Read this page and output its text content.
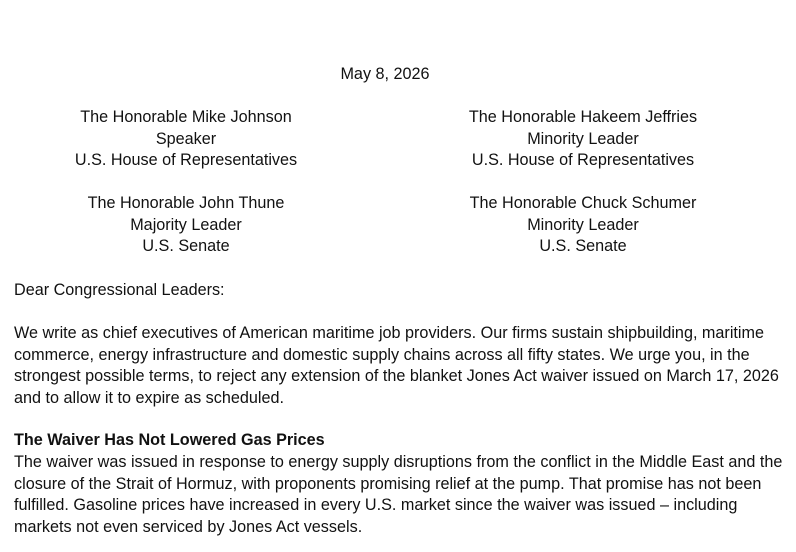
May 8, 2026
The Honorable Mike Johnson
Speaker
U.S. House of Representatives
The Honorable Hakeem Jeffries
Minority Leader
U.S. House of Representatives
The Honorable John Thune
Majority Leader
U.S. Senate
The Honorable Chuck Schumer
Minority Leader
U.S. Senate
Dear Congressional Leaders:

We write as chief executives of American maritime job providers. Our firms sustain shipbuilding, maritime commerce, energy infrastructure and domestic supply chains across all fifty states. We urge you, in the strongest possible terms, to reject any extension of the blanket Jones Act waiver issued on March 17, 2026 and to allow it to expire as scheduled.

The Waiver Has Not Lowered Gas Prices

The waiver was issued in response to energy supply disruptions from the conflict in the Middle East and the closure of the Strait of Hormuz, with proponents promising relief at the pump. That promise has not been fulfilled. Gasoline prices have increased in every U.S. market since the waiver was issued – including markets not even serviced by Jones Act vessels.
